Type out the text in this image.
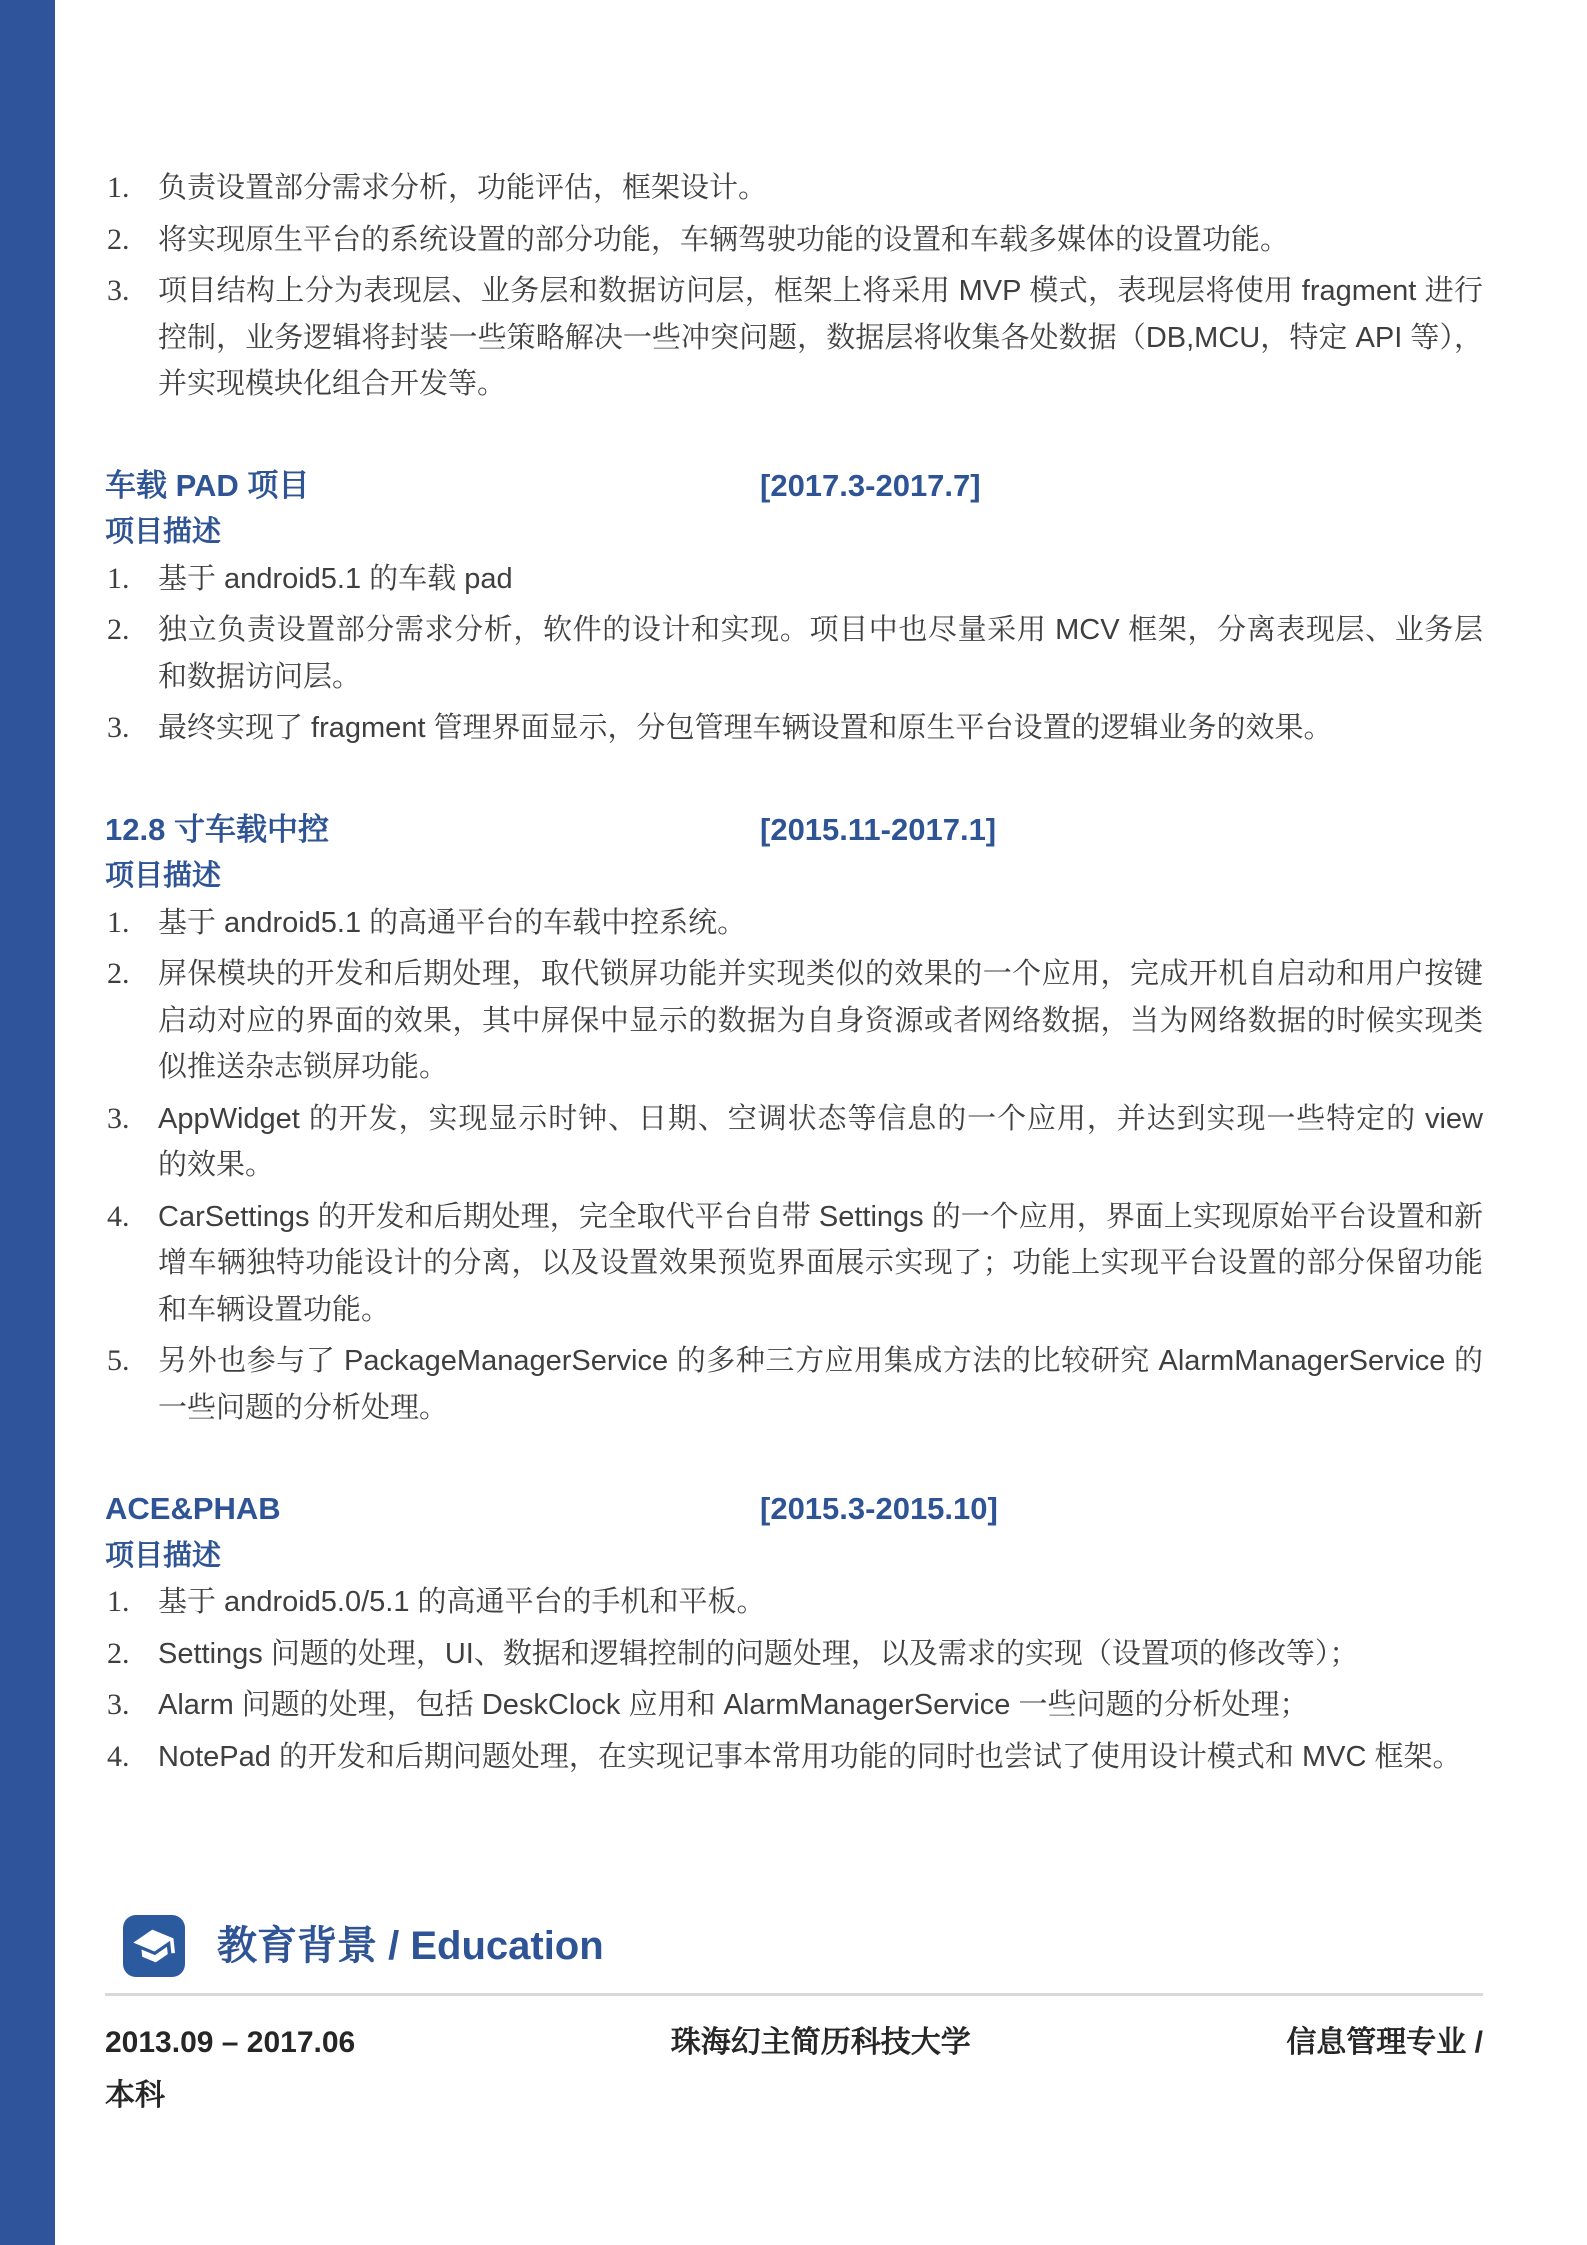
负责设置部分需求分析，功能评估，框架设计。
将实现原生平台的系统设置的部分功能，车辆驾驶功能的设置和车载多媒体的设置功能。
项目结构上分为表现层、业务层和数据访问层，框架上将采用 MVP 模式，表现层将使用 fragment 进行控制，业务逻辑将封装一些策略解决一些冲突问题，数据层将收集各处数据（DB,MCU，特定 API 等），并实现模块化组合开发等。
车载 PAD 项目	[2017.3-2017.7]
项目描述
基于 android5.1 的车载 pad
独立负责设置部分需求分析，软件的设计和实现。项目中也尽量采用 MCV 框架，分离表现层、业务层和数据访问层。
最终实现了 fragment 管理界面显示，分包管理车辆设置和原生平台设置的逻辑业务的效果。
12.8 寸车载中控	[2015.11-2017.1]
项目描述
基于 android5.1 的高通平台的车载中控系统。
屏保模块的开发和后期处理，取代锁屏功能并实现类似的效果的一个应用，完成开机自启动和用户按键启动对应的界面的效果，其中屏保中显示的数据为自身资源或者网络数据，当为网络数据的时候实现类似推送杂志锁屏功能。
AppWidget 的开发，实现显示时钟、日期、空调状态等信息的一个应用，并达到实现一些特定的 view 的效果。
CarSettings 的开发和后期处理，完全取代平台自带 Settings 的一个应用，界面上实现原始平台设置和新增车辆独特功能设计的分离，以及设置效果预览界面展示实现了；功能上实现平台设置的部分保留功能和车辆设置功能。
另外也参与了 PackageManagerService 的多种三方应用集成方法的比较研究 AlarmManagerService 的一些问题的分析处理。
ACE&PHAB	[2015.3-2015.10]
项目描述
基于 android5.0/5.1 的高通平台的手机和平板。
Settings 问题的处理，UI、数据和逻辑控制的问题处理，以及需求的实现（设置项的修改等）；
Alarm 问题的处理，包括 DeskClock 应用和 AlarmManagerService 一些问题的分析处理；
NotePad 的开发和后期问题处理，在实现记事本常用功能的同时也尝试了使用设计模式和 MVC 框架。
教育背景 / Education
2013.09 – 2017.06	珠海幻主简历科技大学	信息管理专业 /
本科
